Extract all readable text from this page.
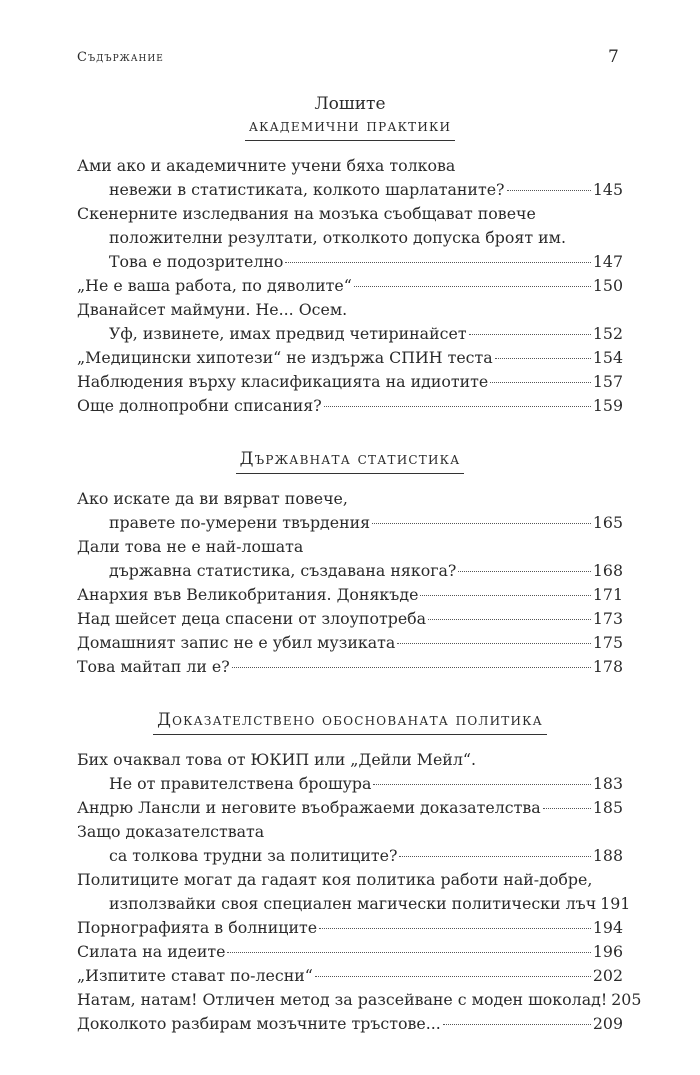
Съдържание	7
Лошите
академични практики
Ами ако и академичните учени бяха толкова
невежи в статистиката, колкото шарлатаните?	145
Скенерните изследвания на мозъка съобщават повече
положителни резултати, отколкото допуска броят им.
Това е подозрително	147
„Не е ваша работа, по дяволите“	150
Дванайсет маймуни. Не... Осем.
Уф, извинете, имах предвид четиринайсет	152
„Медицински хипотези“ не издържа СПИН теста	154
Наблюдения върху класификацията на идиотите	157
Още долнопробни списания?	159
Държавната статистика
Ако искате да ви вярват повече,
правете по-умерени твърдения	165
Дали това не е най-лошата
държавна статистика, създавана някога?	168
Анархия във Великобритания. Донякъде	171
Над шейсет деца спасени от злоупотреба	173
Домашният запис не е убил музиката	175
Това майтап ли е?	178
Доказателствено обоснованата политика
Бих очаквал това от ЮКИП или „Дейли Мейл“.
Не от правителствена брошура	183
Андрю Лансли и неговите въображаеми доказателства	185
Защо доказателствата
са толкова трудни за политиците?	188
Политиците могат да гадаят коя политика работи най-добре,
използвайки своя специален магически политически лъч 191
Порнографията в болниците	194
Силата на идеите	196
„Изпитите стават по-лесни“	202
Натам, натам! Отличен метод за разсейване с моден шоколад! 205
Доколкото разбирам мозъчните тръстове...	209
